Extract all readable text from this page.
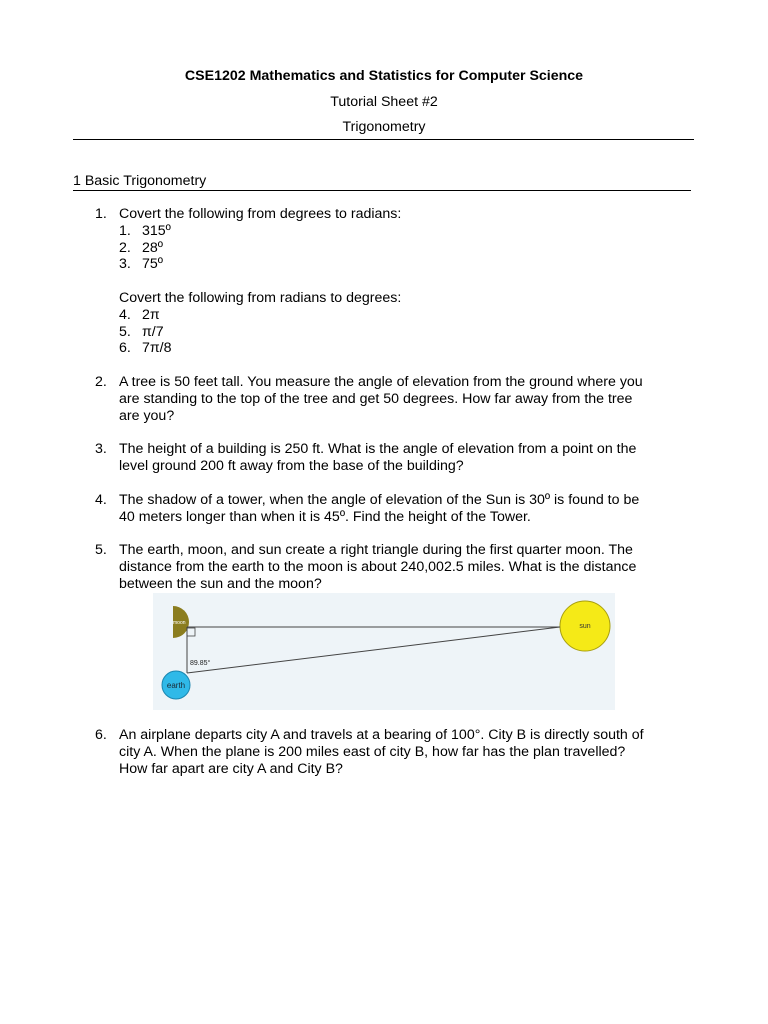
CSE1202 Mathematics and Statistics for Computer Science
Tutorial Sheet #2
Trigonometry
1 Basic Trigonometry
1. Covert the following from degrees to radians:
1. 315º
2. 28º
3. 75º
Covert the following from radians to degrees:
4. 2π
5. π/7
6. 7π/8
2. A tree is 50 feet tall. You measure the angle of elevation from the ground where you
are standing to the top of the tree and get 50 degrees. How far away from the tree
are you?
3. The height of a building is 250 ft. What is the angle of elevation from a point on the
level ground 200 ft away from the base of the building?
4. The shadow of a tower, when the angle of elevation of the Sun is 30º is found to be
40 meters longer than when it is 45º. Find the height of the Tower.
5. The earth, moon, and sun create a right triangle during the first quarter moon. The
distance from the earth to the moon is about 240,002.5 miles. What is the distance
between the sun and the moon?
moon	sun
89.85°
earth
6. An airplane departs city A and travels at a bearing of 100°. City B is directly south of
city A. When the plane is 200 miles east of city B, how far has the plan travelled?
How far apart are city A and City B?
